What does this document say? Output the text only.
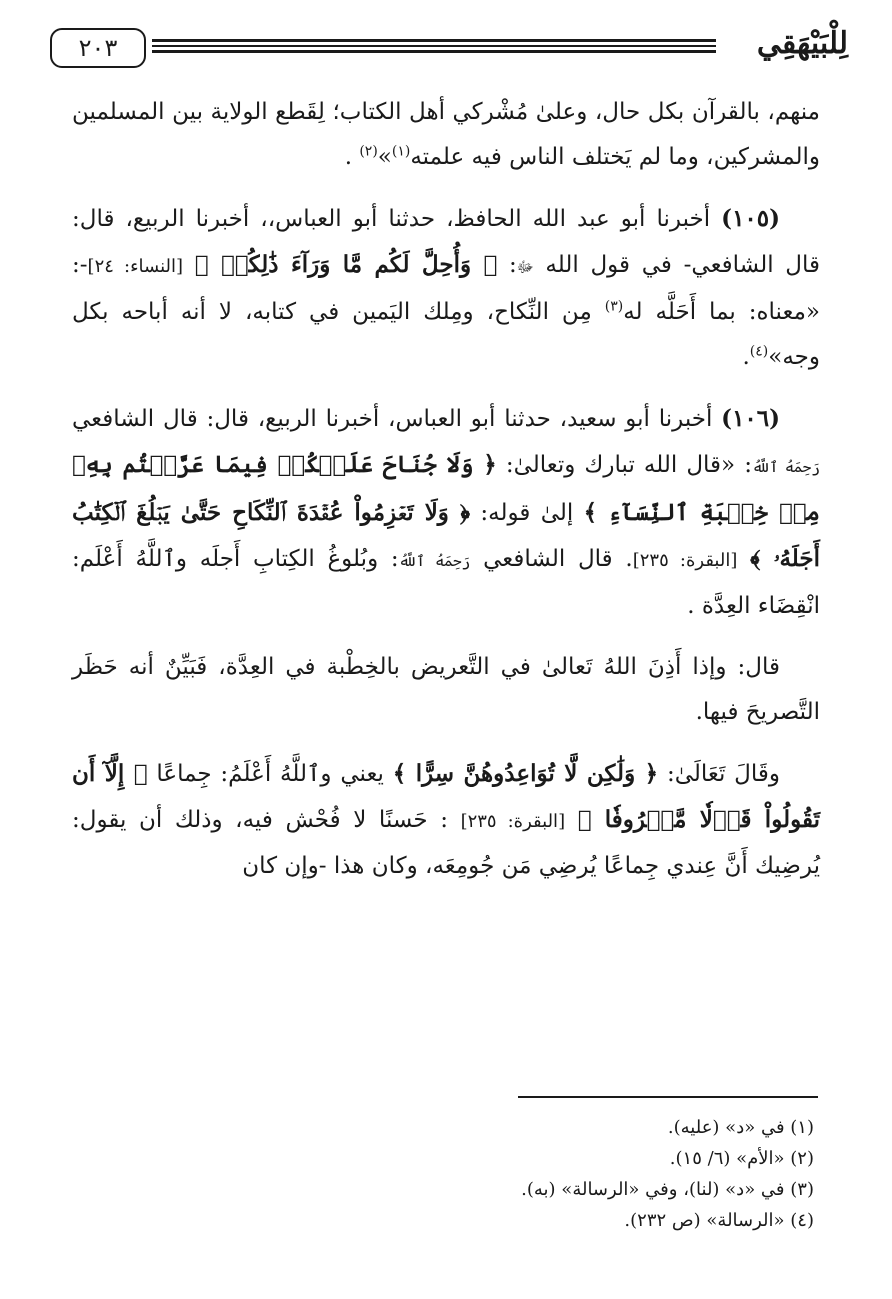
٢٠٣	لِلْبَيْهَقِي

منهم، بالقرآن بكل حال، وعلىٰ مُشْركي أهل الكتاب؛ لِقَطع الولاية بين المسلمين والمشركين، وما لم يَختلف الناس فيه علمته$^{(١)}$»$^{(٢)}$ .

(١٠٥) أخبرنا أبو عبد الله الحافظ، حدثنا أبو العباس،، أخبرنا الربيع، قال: قال الشافعي- في قول الله ﷻ: ﴿ وَأُحِلَّ لَكُم مَّا وَرَآءَ ذَٰلِكُمۡ ﴾ [النساء: ٢٤]-: «معناه: بما أَحَلَّه له$^{(٣)}$ مِن النِّكاح، ومِلك اليَمين في كتابه، لا أنه أباحه بكل وجه»$^{(٤)}$.

(١٠٦) أخبرنا أبو سعيد، حدثنا أبو العباس، أخبرنا الربيع، قال: قال الشافعي رَحِمَهُ ٱللَّهُ: «قال الله تبارك وتعالىٰ: ﴿ وَلَا جُنَاحَ عَلَيۡكُمۡ فِيمَا عَرَّضۡتُم بِهِۦ مِنۡ خِطۡبَةِ ٱلنِّسَآءِ ﴾ إلىٰ قوله: ﴿ وَلَا تَعۡزِمُواْ عُقۡدَةَ ٱلنِّكَاحِ حَتَّىٰ يَبۡلُغَ ٱلۡكِتَٰبُ أَجَلَهُۥ ﴾ [البقرة: ٢٣٥]. قال الشافعي رَحِمَهُ ٱللَّهُ: وبُلوغُ الكِتابِ أَجلَه وٱللَّهُ أَعْلَم: انْقِضَاء العِدَّة .

قال: وإذا أَذِنَ اللهُ تَعالىٰ في التَّعريض بالخِطْبة في العِدَّة، فَبَيِّنٌ أنه حَظَر التَّصريحَ فيها.

وقَالَ تَعَالَىٰ: ﴿ وَلَٰكِن لَّا تُوَاعِدُوهُنَّ سِرًّا ﴾ يعني وٱللَّهُ أَعْلَمُ: جِماعًا ﴿ إِلَّآ أَن تَقُولُواْ قَوۡلٗا مَّعۡرُوفٗا ﴾ [البقرة: ٢٣٥] : حَسنًا لا فُحْش فيه، وذلك أن يقول: يُرضِيك أَنَّ عِندي جِماعًا يُرضِي مَن جُومِعَه، وكان هذا -وإن كان

(١) في «د» (عليه).

(٢) «الأم» (٦/ ١٥).

(٣) في «د» (لنا)، وفي «الرسالة» (به).

(٤) «الرسالة» (ص ٢٣٢).
